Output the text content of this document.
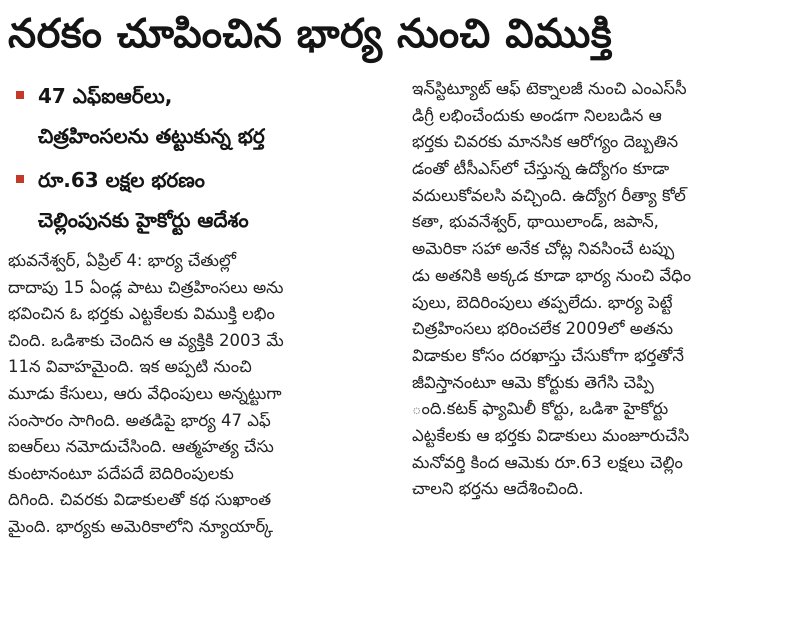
నరకం చూపించిన భార్య నుంచి విముక్తి
47 ఎఫ్ఐఆర్‌లు,
చిత్రహింసలను తట్టుకున్న భర్త
రూ.63 లక్షల భరణం
చెల్లింపునకు హైకోర్టు ఆదేశం
భువనేశ్వర్, ఏప్రిల్ 4: భార్య చేతుల్లో
దాదాపు 15 ఏండ్ల పాటు చిత్రహింసలు అను
భవించిన ఓ భర్తకు ఎట్టకేలకు విముక్తి లభిం
చింది. ఒడిశాకు చెందిన ఆ వ్యక్తికి 2003 మే
11న వివాహమైంది. ఇక అప్పటి నుంచి
మూడు కేసులు, ఆరు వేధింపులు అన్నట్టుగా
సంసారం సాగింది. అతడిపై భార్య 47 ఎఫ్
ఐఆర్‌లు నమోదుచేసింది. ఆత్మహత్య చేసు
కుంటానంటూ పదేపదే బెదిరింపులకు
దిగింది. చివరకు విడాకులతో కథ సుఖాంత
మైంది. భార్యకు అమెరికాలోని న్యూయార్క్
ఇన్‌స్టిట్యూట్ ఆఫ్ టెక్నాలజీ నుంచి ఎంఎస్‌సీ
డిగ్రీ లభించేందుకు అండగా నిలబడిన ఆ
భర్తకు చివరకు మానసిక ఆరోగ్యం దెబ్బతిన
డంతో టీసీఎస్‌లో చేస్తున్న ఉద్యోగం కూడా
వదులుకోవలసి వచ్చింది. ఉద్యోగ రీత్యా కోల్
కతా, భువనేశ్వర్, థాయిలాండ్, జపాన్,
అమెరికా సహా అనేక చోట్ల నివసించే టప్పు
డు అతనికి అక్కడ కూడా భార్య నుంచి వేధిం
పులు, బెదిరింపులు తప్పలేదు. భార్య పెట్టే
చిత్రహింసలు భరించలేక 2009లో అతను
విడాకుల కోసం దరఖాస్తు చేసుకోగా భర్తతోనే
జీవిస్తానంటూ ఆమె కోర్టుకు తెగేసి చెప్పి
ంది.కటక్ ఫ్యామిలీ కోర్టు, ఒడిశా హైకోర్టు
ఎట్టకేలకు ఆ భర్తకు విడాకులు మంజూరుచేసి
మనోవర్తి కింద ఆమెకు రూ.63 లక్షలు చెల్లిం
చాలని భర్తను ఆదేశించింది.
